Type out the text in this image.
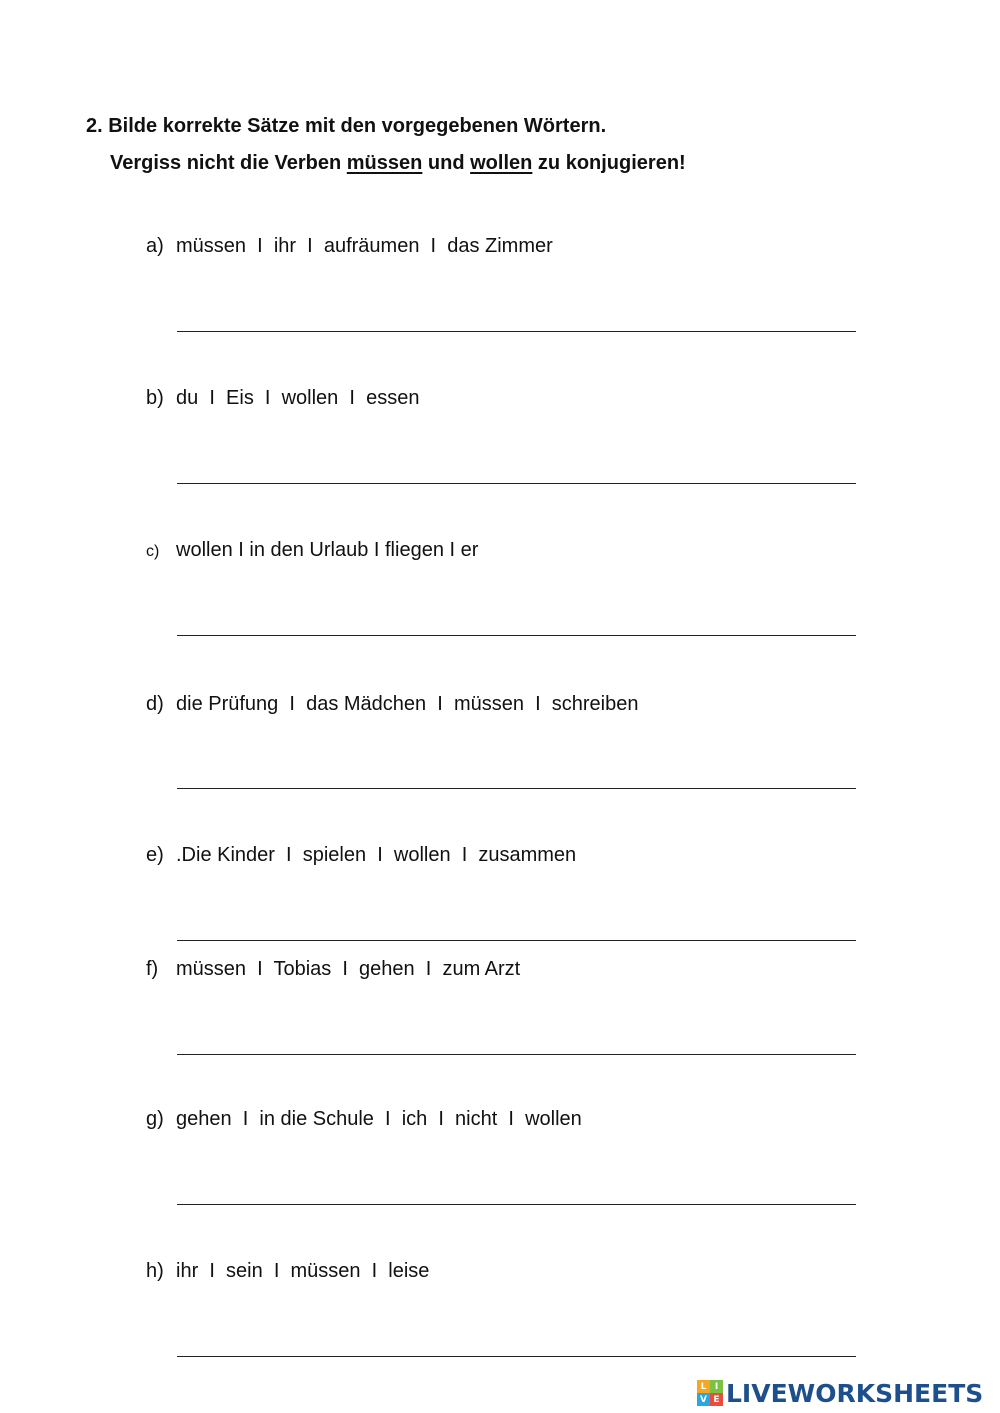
2. Bilde korrekte Sätze mit den vorgegebenen Wörtern.
Vergiss nicht die Verben müssen und wollen zu konjugieren!
a) müssen  I  ihr  I  aufräumen  I  das Zimmer
b) du  I  Eis  I  wollen  I  essen
c) wollen I in den Urlaub I fliegen I er
d) die Prüfung  I  das Mädchen  I  müssen  I  schreiben
e) .Die Kinder  I  spielen  I  wollen  I  zusammen
f) müssen  I  Tobias  I  gehen  I  zum Arzt
g) gehen  I  in die Schule  I  ich  I  nicht  I  wollen
h) ihr  I  sein  I  müssen  I  leise
L I
V E LIVEWORKSHEETS
